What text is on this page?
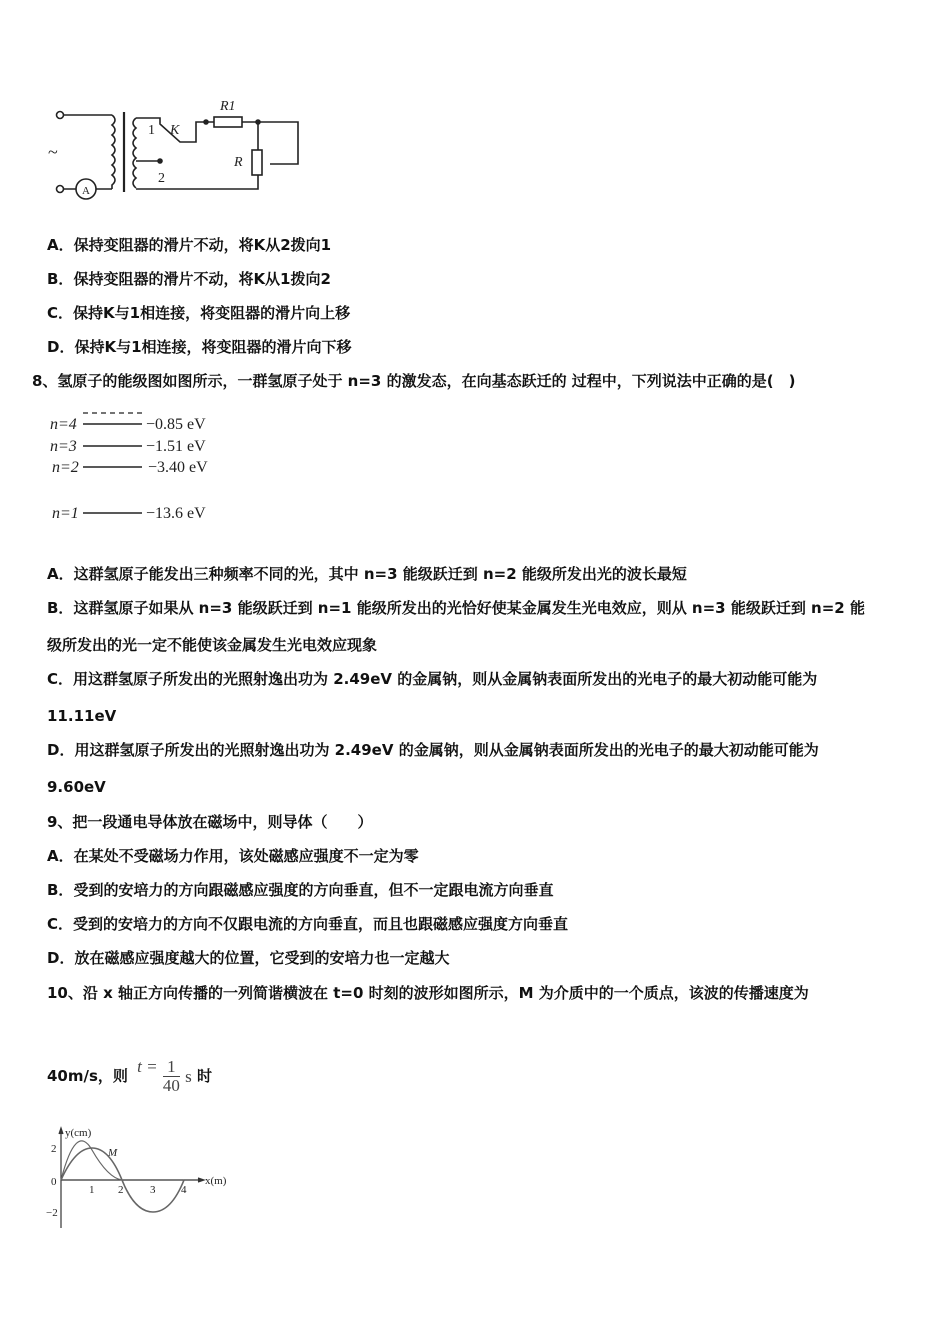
~
A
1 K
2
R1
R
A．保持变阻器的滑片不动，将K从2拨向1
B．保持变阻器的滑片不动，将K从1拨向2
C．保持K与1相连接，将变阻器的滑片向上移
D．保持K与1相连接，将变阻器的滑片向下移
8、氢原子的能级图如图所示，一群氢原子处于 n=3 的激发态，在向基态跃迁的 过程中，下列说法中正确的是(　)
n=4	−0.85 eV
n=3	−1.51 eV
n=2	−3.40 eV
n=1	−13.6 eV
A．这群氢原子能发出三种频率不同的光，其中 n=3 能级跃迁到 n=2 能级所发出光的波长最短
B．这群氢原子如果从 n=3 能级跃迁到 n=1 能级所发出的光恰好使某金属发生光电效应，则从 n=3 能级跃迁到 n=2 能
级所发出的光一定不能使该金属发生光电效应现象
C．用这群氢原子所发出的光照射逸出功为 2.49eV 的金属钠，则从金属钠表面所发出的光电子的最大初动能可能为
11.11eV
D．用这群氢原子所发出的光照射逸出功为 2.49eV 的金属钠，则从金属钠表面所发出的光电子的最大初动能可能为
9.60eV
9、把一段通电导体放在磁场中，则导体（　　）
A．在某处不受磁场力作用，该处磁感应强度不一定为零
B．受到的安培力的方向跟磁感应强度的方向垂直，但不一定跟电流方向垂直
C．受到的安培力的方向不仅跟电流的方向垂直，而且也跟磁感应强度方向垂直
D．放在磁感应强度越大的位置，它受到的安培力也一定越大
10、沿 x 轴正方向传播的一列简谐横波在 t=0 时刻的波形如图所示，M 为介质中的一个质点，该波的传播速度为
40m/s，则 $t = \frac{1}{40}$ s 时
y(cm)
x(m)
M
2
0
−2
1 2 3 4
